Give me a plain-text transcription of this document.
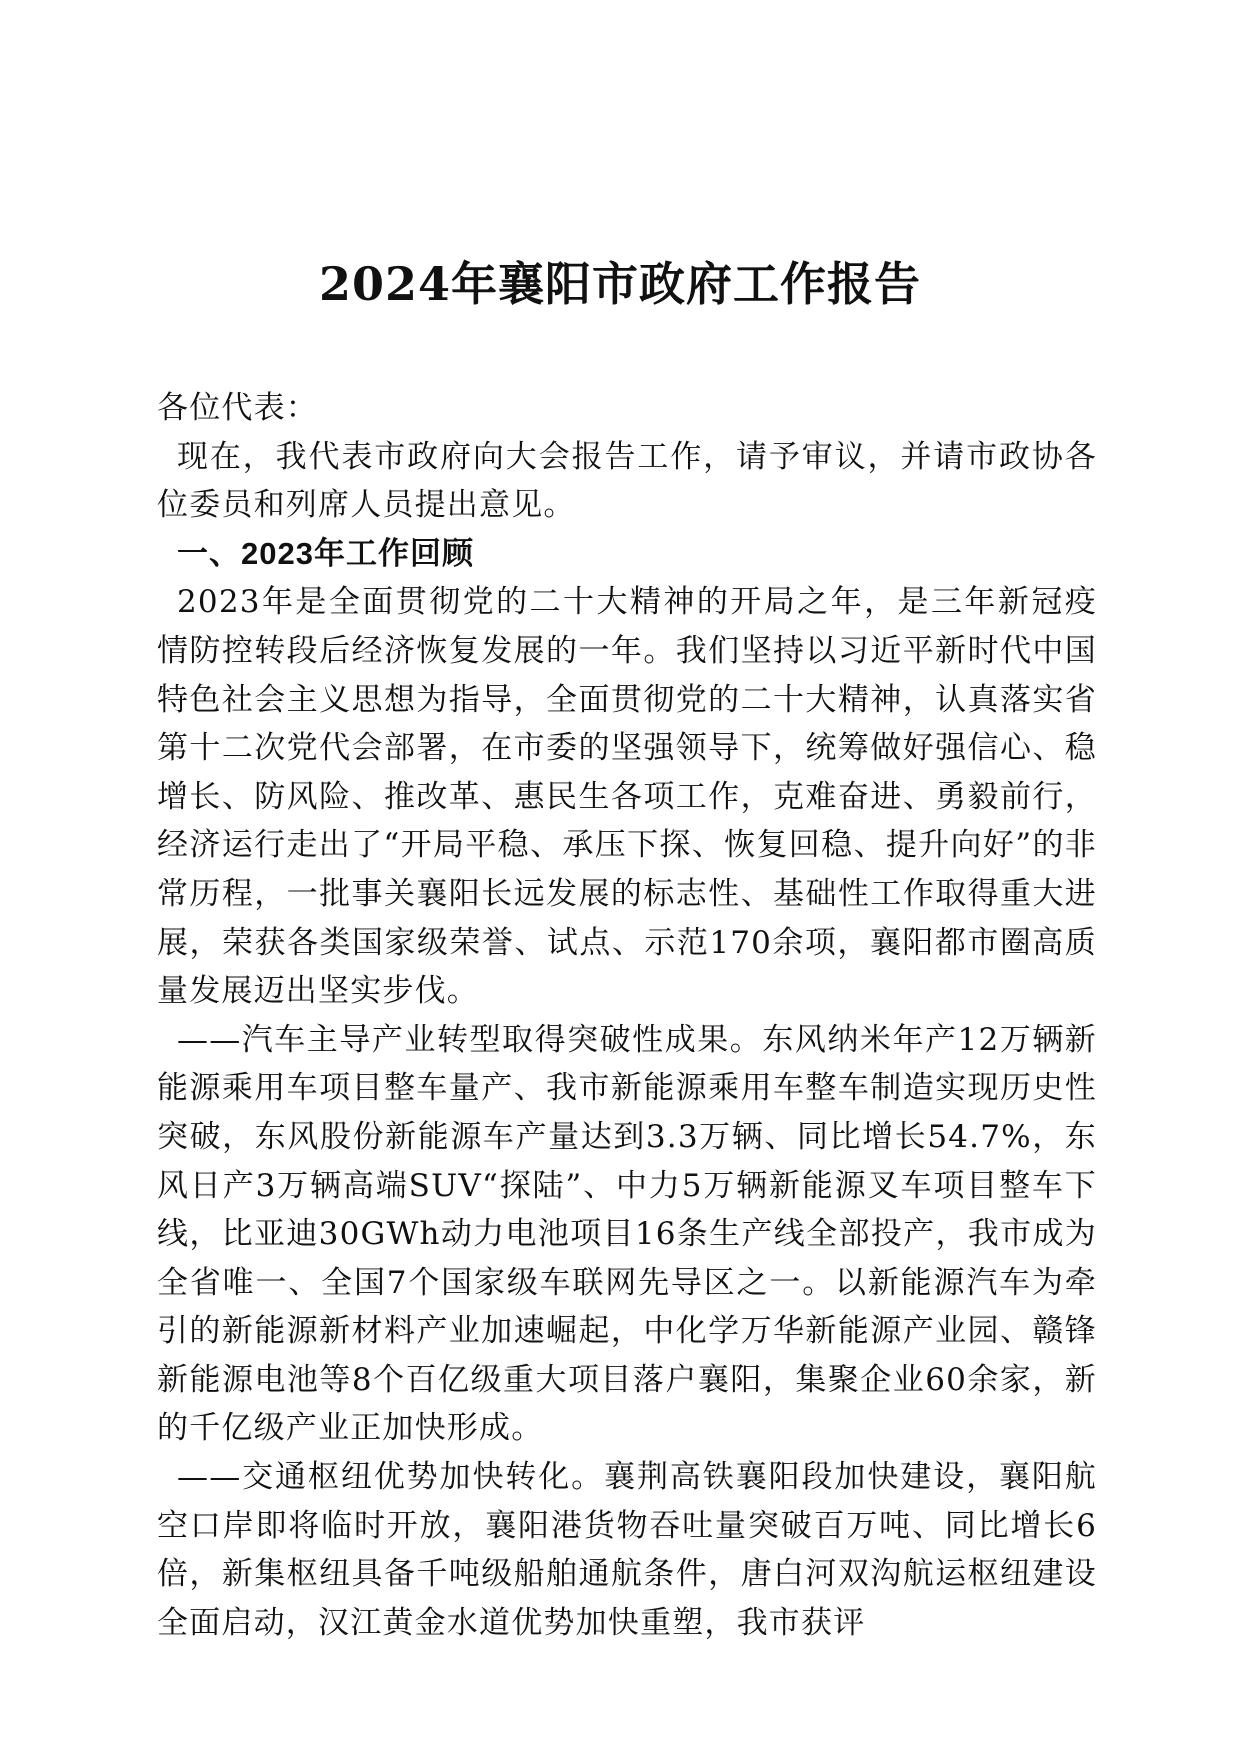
2024年襄阳市政府工作报告

各位代表：

现在，我代表市政府向大会报告工作，请予审议，并请市政协各位委员和列席人员提出意见。

一、2023年工作回顾

2023年是全面贯彻党的二十大精神的开局之年，是三年新冠疫情防控转段后经济恢复发展的一年。我们坚持以习近平新时代中国特色社会主义思想为指导，全面贯彻党的二十大精神，认真落实省第十二次党代会部署，在市委的坚强领导下，统筹做好强信心、稳增长、防风险、推改革、惠民生各项工作，克难奋进、勇毅前行，经济运行走出了“开局平稳、承压下探、恢复回稳、提升向好”的非常历程，一批事关襄阳长远发展的标志性、基础性工作取得重大进展，荣获各类国家级荣誉、试点、示范170余项，襄阳都市圈高质量发展迈出坚实步伐。

——汽车主导产业转型取得突破性成果。东风纳米年产12万辆新能源乘用车项目整车量产、我市新能源乘用车整车制造实现历史性突破，东风股份新能源车产量达到3.3万辆、同比增长54.7%，东风日产3万辆高端SUV“探陆”、中力5万辆新能源叉车项目整车下线，比亚迪30GWh动力电池项目16条生产线全部投产，我市成为全省唯一、全国7个国家级车联网先导区之一。以新能源汽车为牵引的新能源新材料产业加速崛起，中化学万华新能源产业园、赣锋新能源电池等8个百亿级重大项目落户襄阳，集聚企业60余家，新的千亿级产业正加快形成。

——交通枢纽优势加快转化。襄荆高铁襄阳段加快建设，襄阳航空口岸即将临时开放，襄阳港货物吞吐量突破百万吨、同比增长6倍，新集枢纽具备千吨级船舶通航条件，唐白河双沟航运枢纽建设全面启动，汉江黄金水道优势加快重塑，我市获评
